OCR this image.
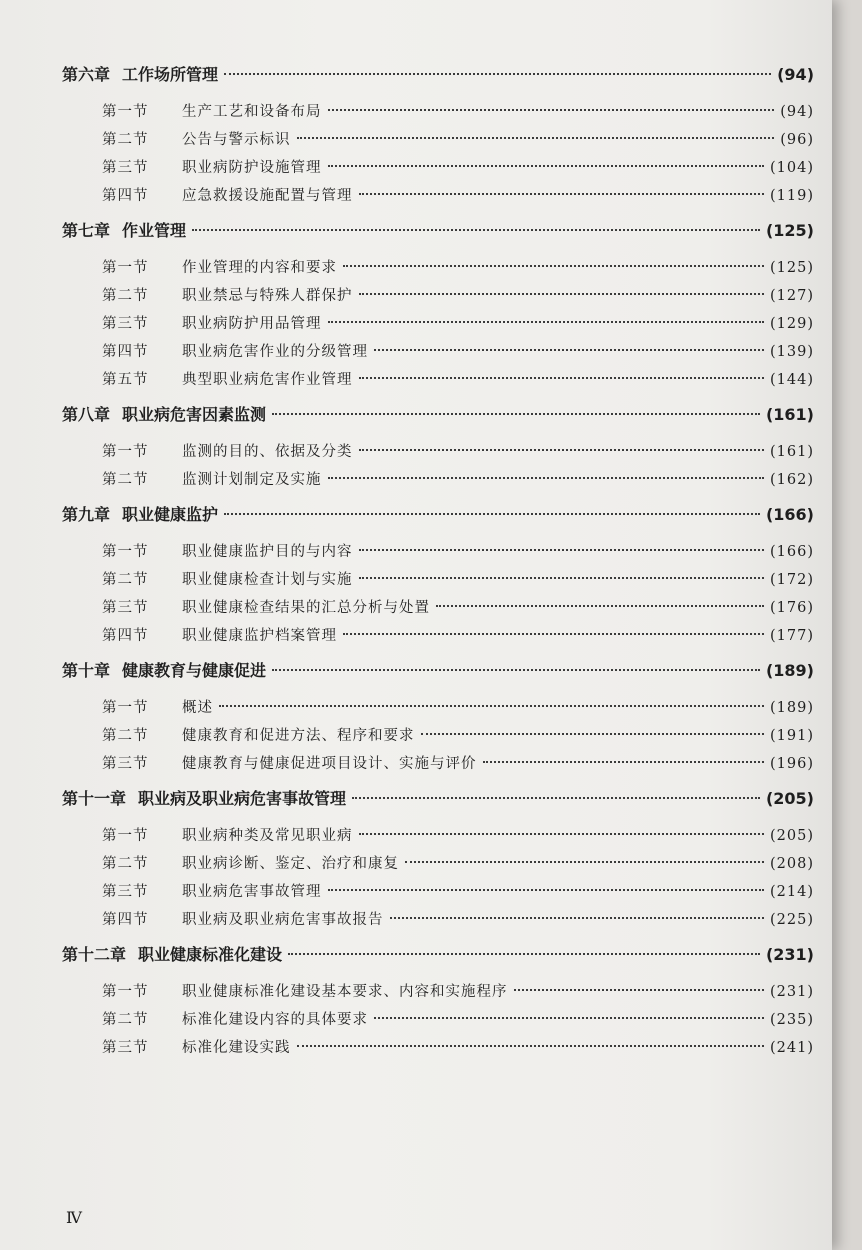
第六章 工作场所管理	(94)
第一节	生产工艺和设备布局	(94)
第二节	公告与警示标识	(96)
第三节	职业病防护设施管理	(104)
第四节	应急救援设施配置与管理	(119)
第七章 作业管理	(125)
第一节	作业管理的内容和要求	(125)
第二节	职业禁忌与特殊人群保护	(127)
第三节	职业病防护用品管理	(129)
第四节	职业病危害作业的分级管理	(139)
第五节	典型职业病危害作业管理	(144)
第八章 职业病危害因素监测	(161)
第一节	监测的目的、依据及分类	(161)
第二节	监测计划制定及实施	(162)
第九章 职业健康监护	(166)
第一节	职业健康监护目的与内容	(166)
第二节	职业健康检查计划与实施	(172)
第三节	职业健康检查结果的汇总分析与处置	(176)
第四节	职业健康监护档案管理	(177)
第十章 健康教育与健康促进	(189)
第一节	概述	(189)
第二节	健康教育和促进方法、程序和要求	(191)
第三节	健康教育与健康促进项目设计、实施与评价	(196)
第十一章 职业病及职业病危害事故管理	(205)
第一节	职业病种类及常见职业病	(205)
第二节	职业病诊断、鉴定、治疗和康复	(208)
第三节	职业病危害事故管理	(214)
第四节	职业病及职业病危害事故报告	(225)
第十二章 职业健康标准化建设	(231)
第一节	职业健康标准化建设基本要求、内容和实施程序	(231)
第二节	标准化建设内容的具体要求	(235)
第三节	标准化建设实践	(241)
Ⅳ
